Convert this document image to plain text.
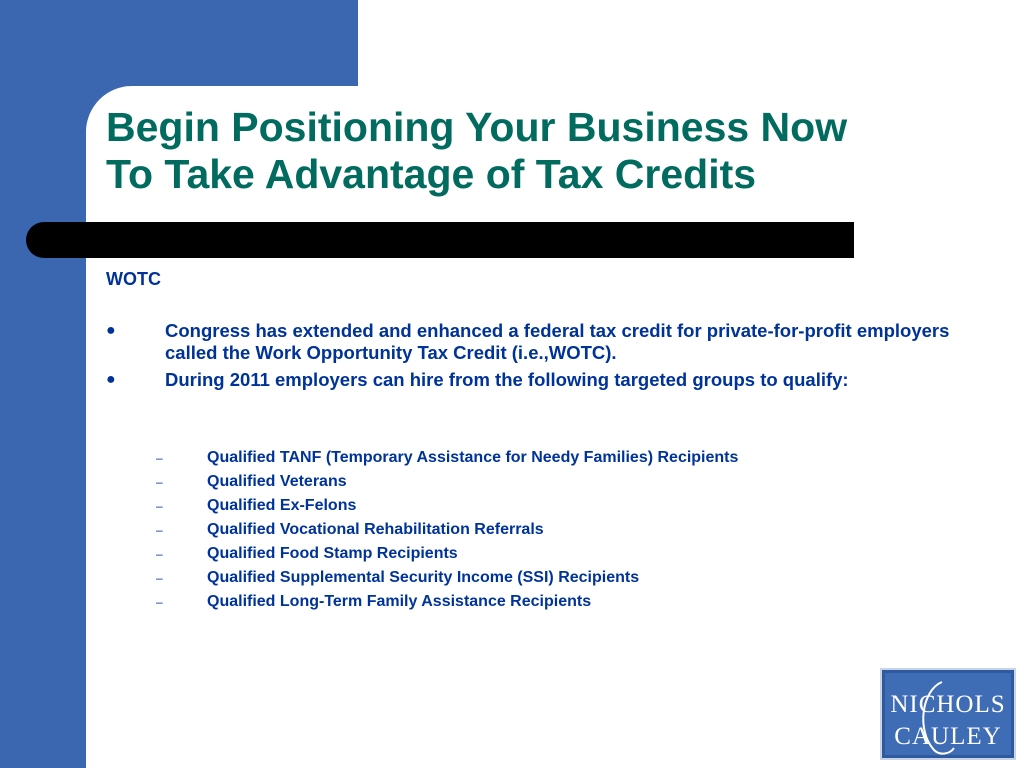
Begin Positioning Your Business Now
To Take Advantage of Tax Credits

WOTC

●	Congress has extended and enhanced a federal tax credit for private-for-profit employers called the Work Opportunity Tax Credit (i.e.,WOTC).
●	During 2011 employers can hire from the following targeted groups to qualify:
–	Qualified TANF (Temporary Assistance for Needy Families) Recipients
–	Qualified Veterans
–	Qualified Ex-Felons
–	Qualified Vocational Rehabilitation Referrals
–	Qualified Food Stamp Recipients
–	Qualified Supplemental Security Income (SSI) Recipients
–	Qualified Long-Term Family Assistance Recipients
NICHOLS
CAULEY
